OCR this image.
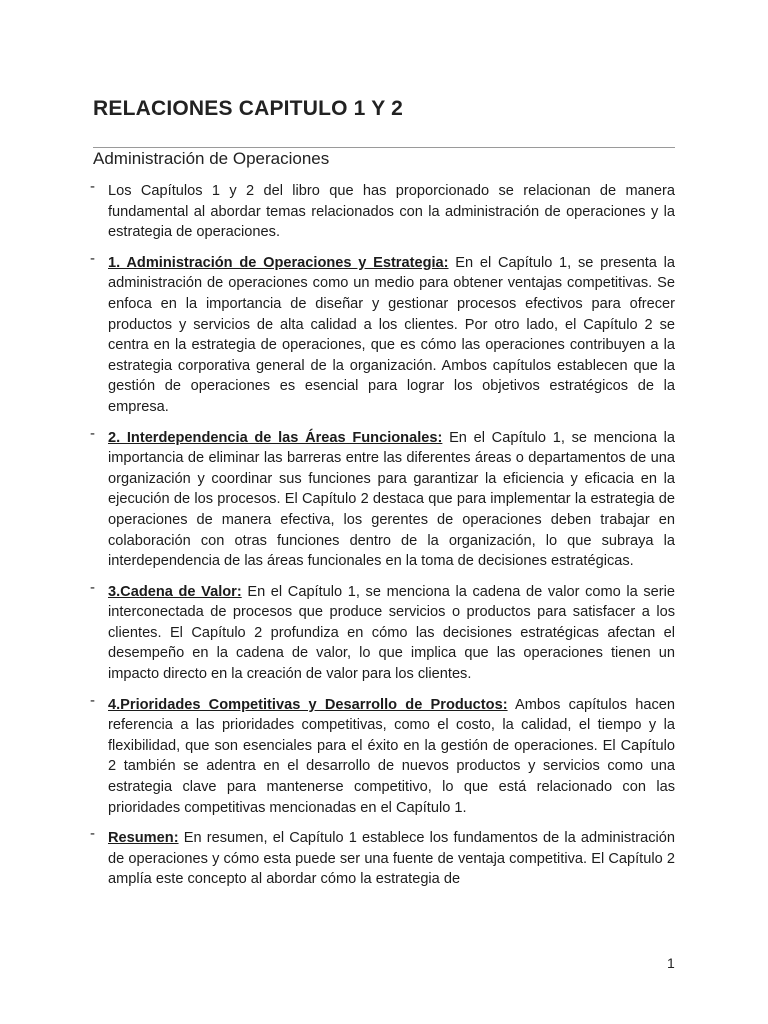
RELACIONES CAPITULO 1 Y 2
Administración de Operaciones
- Los Capítulos 1 y 2 del libro que has proporcionado se relacionan de manera fundamental al abordar temas relacionados con la administración de operaciones y la estrategia de operaciones.
- 1. Administración de Operaciones y Estrategia: En el Capítulo 1, se presenta la administración de operaciones como un medio para obtener ventajas competitivas. Se enfoca en la importancia de diseñar y gestionar procesos efectivos para ofrecer productos y servicios de alta calidad a los clientes. Por otro lado, el Capítulo 2 se centra en la estrategia de operaciones, que es cómo las operaciones contribuyen a la estrategia corporativa general de la organización. Ambos capítulos establecen que la gestión de operaciones es esencial para lograr los objetivos estratégicos de la empresa.
- 2. Interdependencia de las Áreas Funcionales: En el Capítulo 1, se menciona la importancia de eliminar las barreras entre las diferentes áreas o departamentos de una organización y coordinar sus funciones para garantizar la eficiencia y eficacia en la ejecución de los procesos. El Capítulo 2 destaca que para implementar la estrategia de operaciones de manera efectiva, los gerentes de operaciones deben trabajar en colaboración con otras funciones dentro de la organización, lo que subraya la interdependencia de las áreas funcionales en la toma de decisiones estratégicas.
- 3.Cadena de Valor: En el Capítulo 1, se menciona la cadena de valor como la serie interconectada de procesos que produce servicios o productos para satisfacer a los clientes. El Capítulo 2 profundiza en cómo las decisiones estratégicas afectan el desempeño en la cadena de valor, lo que implica que las operaciones tienen un impacto directo en la creación de valor para los clientes.
- 4.Prioridades Competitivas y Desarrollo de Productos: Ambos capítulos hacen referencia a las prioridades competitivas, como el costo, la calidad, el tiempo y la flexibilidad, que son esenciales para el éxito en la gestión de operaciones. El Capítulo 2 también se adentra en el desarrollo de nuevos productos y servicios como una estrategia clave para mantenerse competitivo, lo que está relacionado con las prioridades competitivas mencionadas en el Capítulo 1.
- Resumen: En resumen, el Capítulo 1 establece los fundamentos de la administración de operaciones y cómo esta puede ser una fuente de ventaja competitiva. El Capítulo 2 amplía este concepto al abordar cómo la estrategia de
1
